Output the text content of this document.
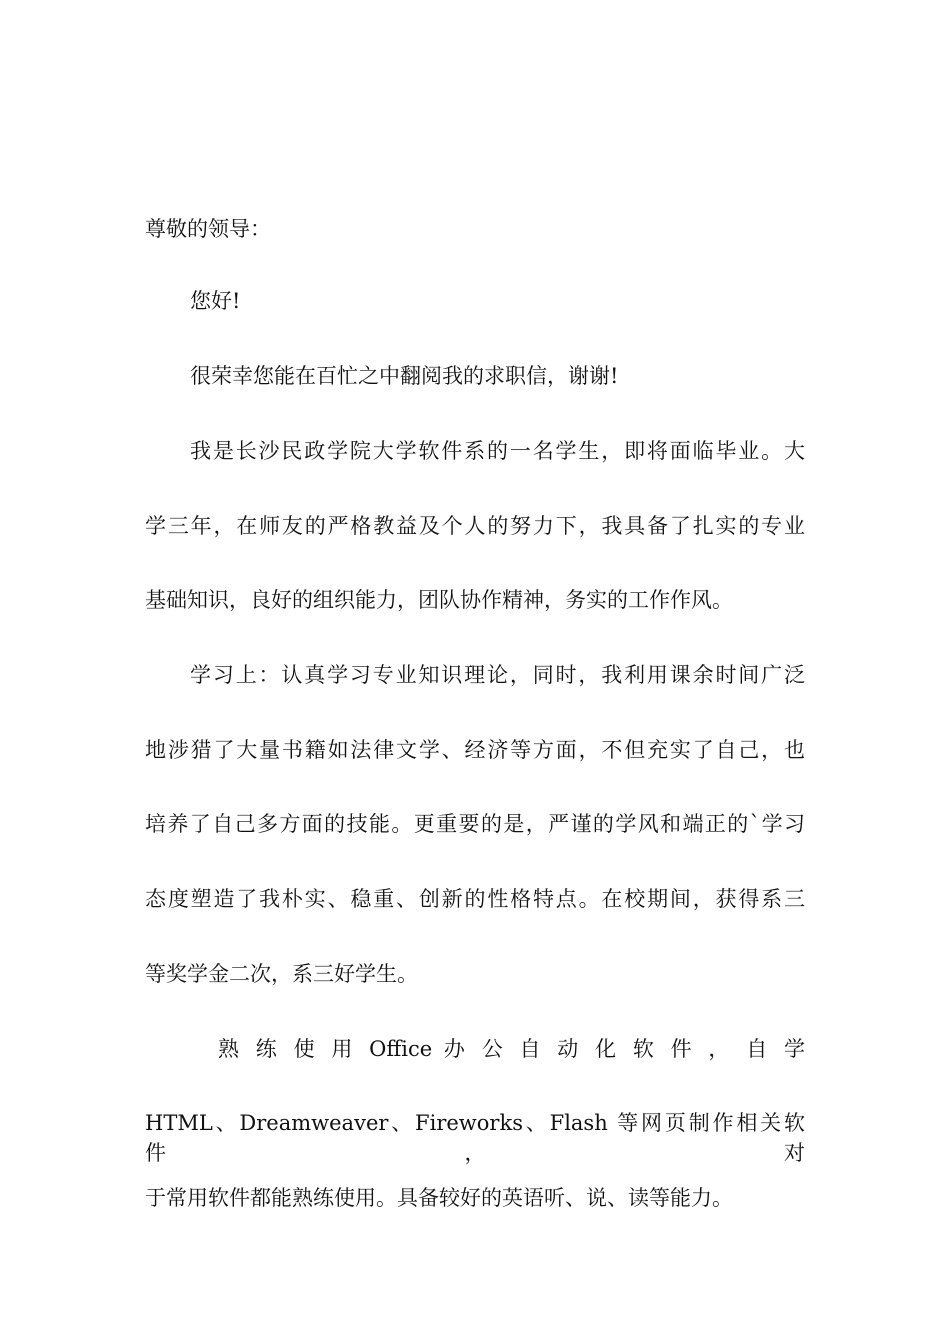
尊敬的领导：
您好!
很荣幸您能在百忙之中翻阅我的求职信，谢谢!
我是长沙民政学院大学软件系的一名学生，即将面临毕业。大
学三年，在师友的严格教益及个人的努力下，我具备了扎实的专业
基础知识，良好的组织能力，团队协作精神，务实的工作作风。
学习上：认真学习专业知识理论，同时，我利用课余时间广泛
地涉猎了大量书籍如法律文学、经济等方面，不但充实了自己，也
培养了自己多方面的技能。更重要的是，严谨的学风和端正的`学习
态度塑造了我朴实、稳重、创新的性格特点。在校期间，获得系三
等奖学金二次，系三好学生。
熟 练 使 用 Office 办 公 自 动 化 软 件 ， 自 学
HTML、Dreamweaver、Fireworks、Flash 等网页制作相关软件，对
于常用软件都能熟练使用。具备较好的英语听、说、读等能力。
